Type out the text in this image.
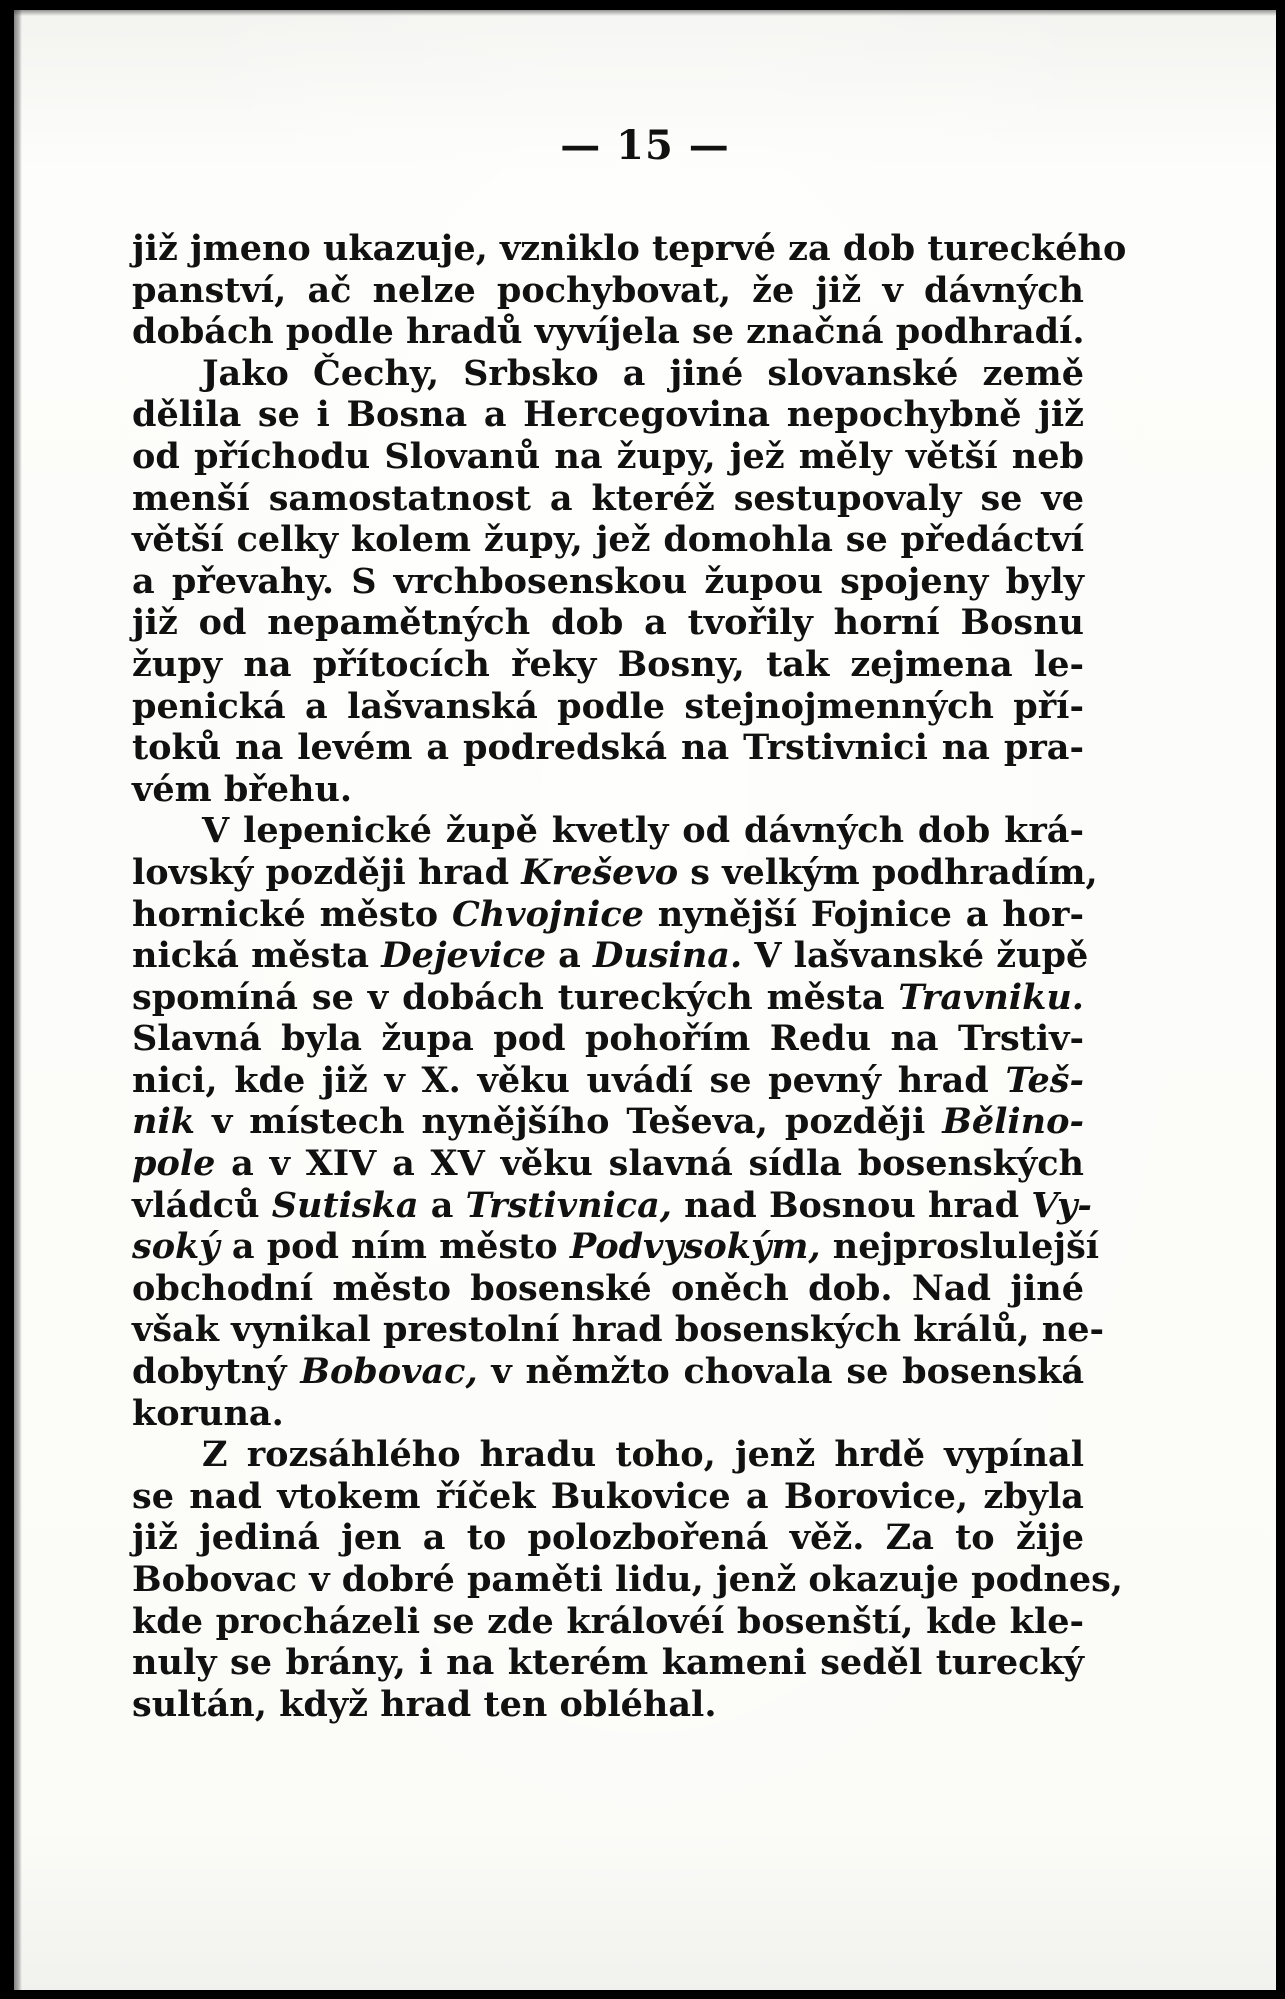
— 15 —
již jmeno ukazuje, vzniklo teprvé za dob tureckého
panství, ač nelze pochybovat, že již v dávných
dobách podle hradů vyvíjela se značná podhradí.
Jako Čechy, Srbsko a jiné slovanské země
dělila se i Bosna a Hercegovina nepochybně již
od příchodu Slovanů na župy, jež měly větší neb
menší samostatnost a kteréž sestupovaly se ve
větší celky kolem župy, jež domohla se předáctví
a převahy. S vrchbosenskou župou spojeny byly
již od nepamětných dob a tvořily horní Bosnu
župy na přítocích řeky Bosny, tak zejmena le-
penická a lašvanská podle stejnojmenných pří-
toků na levém a podredská na Trstivnici na pra-
vém břehu.
V lepenické župě kvetly od dávných dob krá-
lovský později hrad Kreševo s velkým podhradím,
hornické město Chvojnice nynější Fojnice a hor-
nická města Dejevice a Dusina. V lašvanské župě
spomíná se v dobách tureckých města Travniku.
Slavná byla župa pod pohořím Redu na Trstiv-
nici, kde již v X. věku uvádí se pevný hrad Teš-
nik v místech nynějšího Teševa, později Bělino-
pole a v XIV a XV věku slavná sídla bosenských
vládců Sutiska a Trstivnica, nad Bosnou hrad Vy-
soký a pod ním město Podvysokým, nejproslulejší
obchodní město bosenské oněch dob. Nad jiné
však vynikal prestolní hrad bosenských králů, ne-
dobytný Bobovac, v němžto chovala se bosenská
koruna.
Z rozsáhlého hradu toho, jenž hrdě vypínal
se nad vtokem říček Bukovice a Borovice, zbyla
již jediná jen a to polozbořená věž. Za to žije
Bobovac v dobré paměti lidu, jenž okazuje podnes,
kde procházeli se zde královéí bosenští, kde kle-
nuly se brány, i na kterém kameni seděl turecký
sultán, když hrad ten obléhal.
